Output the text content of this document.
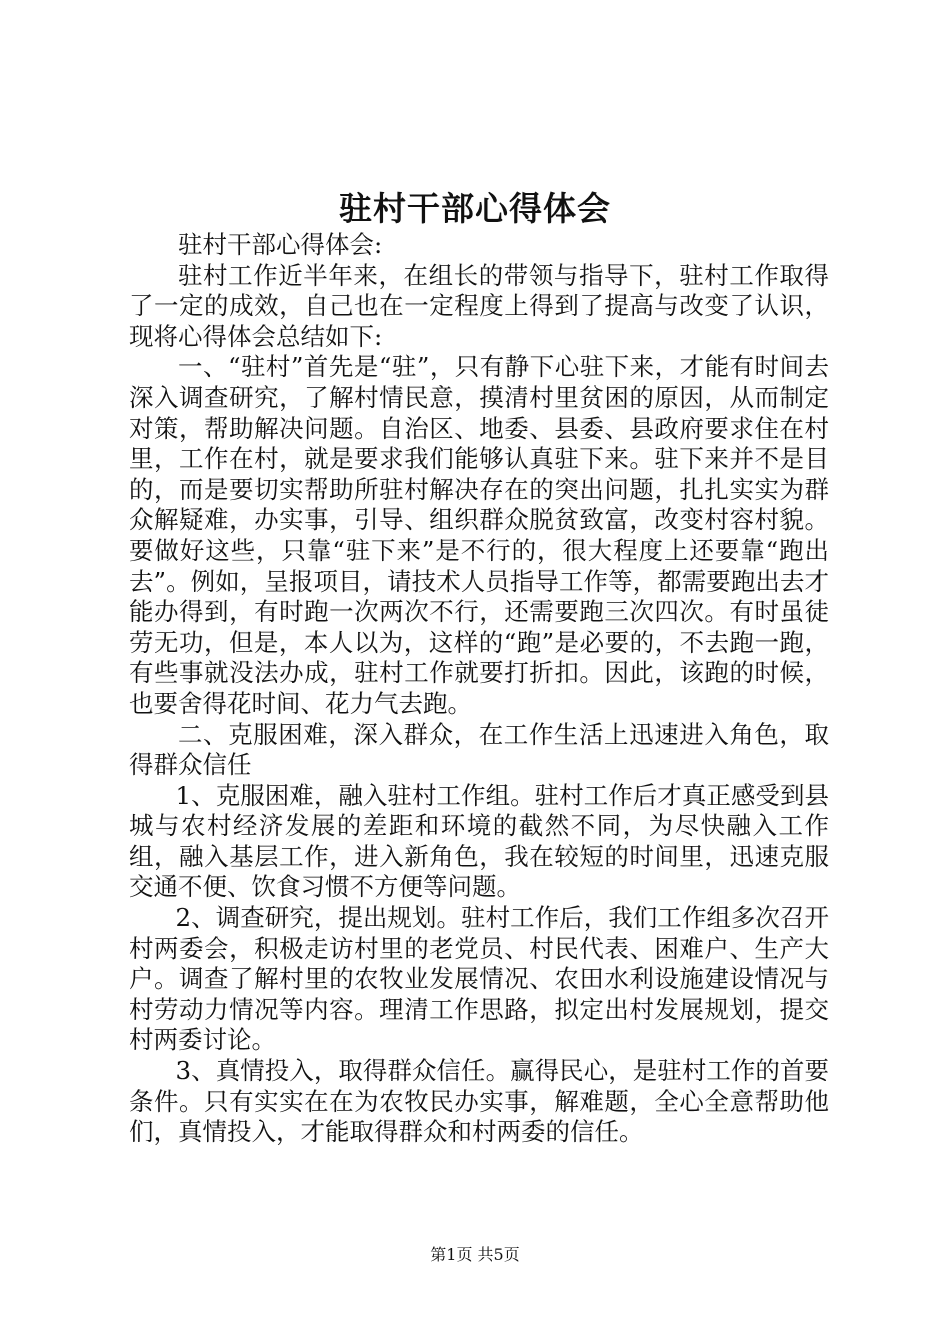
驻村干部心得体会

驻村干部心得体会:

驻村工作近半年来，在组长的带领与指导下，驻村工作取得了一定的成效，自己也在一定程度上得到了提高与改变了认识，现将心得体会总结如下:

一、“驻村”首先是“驻”，只有静下心驻下来，才能有时间去深入调查研究，了解村情民意，摸清村里贫困的原因，从而制定对策，帮助解决问题。自治区、地委、县委、县政府要求住在村里，工作在村，就是要求我们能够认真驻下来。驻下来并不是目的，而是要切实帮助所驻村解决存在的突出问题，扎扎实实为群众解疑难，办实事，引导、组织群众脱贫致富，改变村容村貌。要做好这些，只靠“驻下来”是不行的，很大程度上还要靠“跑出去”。例如，呈报项目，请技术人员指导工作等，都需要跑出去才能办得到，有时跑一次两次不行，还需要跑三次四次。有时虽徒劳无功，但是，本人以为，这样的“跑”是必要的，不去跑一跑，有些事就没法办成，驻村工作就要打折扣。因此，该跑的时候，也要舍得花时间、花力气去跑。

二、克服困难，深入群众，在工作生活上迅速进入角色，取得群众信任

1、克服困难，融入驻村工作组。驻村工作后才真正感受到县城与农村经济发展的差距和环境的截然不同，为尽快融入工作组，融入基层工作，进入新角色，我在较短的时间里，迅速克服交通不便、饮食习惯不方便等问题。

2、调查研究，提出规划。驻村工作后，我们工作组多次召开村两委会，积极走访村里的老党员、村民代表、困难户、生产大户。调查了解村里的农牧业发展情况、农田水利设施建设情况与村劳动力情况等内容。理清工作思路，拟定出村发展规划，提交村两委讨论。

3、真情投入，取得群众信任。赢得民心，是驻村工作的首要条件。只有实实在在为农牧民办实事，解难题，全心全意帮助他们，真情投入，才能取得群众和村两委的信任。

第1页 共5页
